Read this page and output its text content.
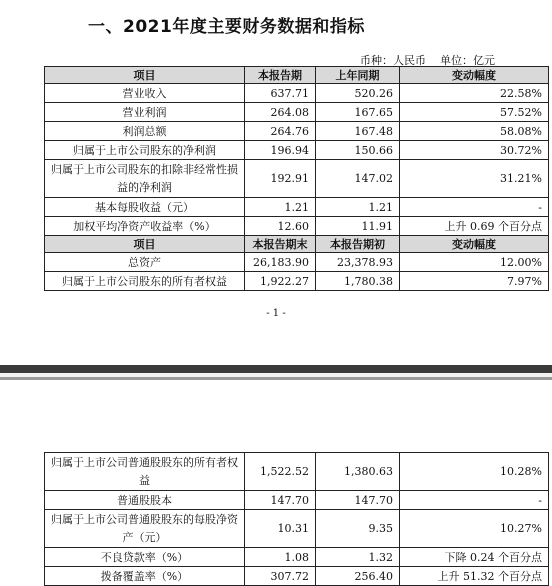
一、2021年度主要财务数据和指标
币种：人民币 单位：亿元
项目	本报告期	上年同期	变动幅度
营业收入	637.71	520.26	22.58%
营业利润	264.08	167.65	57.52%
利润总额	264.76	167.48	58.08%
归属于上市公司股东的净利润	196.94	150.66	30.72%
归属于上市公司股东的扣除非经常性损益的净利润	192.91	147.02	31.21%
基本每股收益（元）	1.21	1.21	-
加权平均净资产收益率（%）	12.60	11.91	上升 0.69 个百分点
项目	本报告期末	本报告期初	变动幅度
总资产	26,183.90	23,378.93	12.00%
归属于上市公司股东的所有者权益	1,922.27	1,780.38	7.97%
- 1 -
归属于上市公司普通股股东的所有者权益	1,522.52	1,380.63	10.28%
普通股股本	147.70	147.70	-
归属于上市公司普通股股东的每股净资产（元）	10.31	9.35	10.27%
不良贷款率（%）	1.08	1.32	下降 0.24 个百分点
拨备覆盖率（%）	307.72	256.40	上升 51.32 个百分点
